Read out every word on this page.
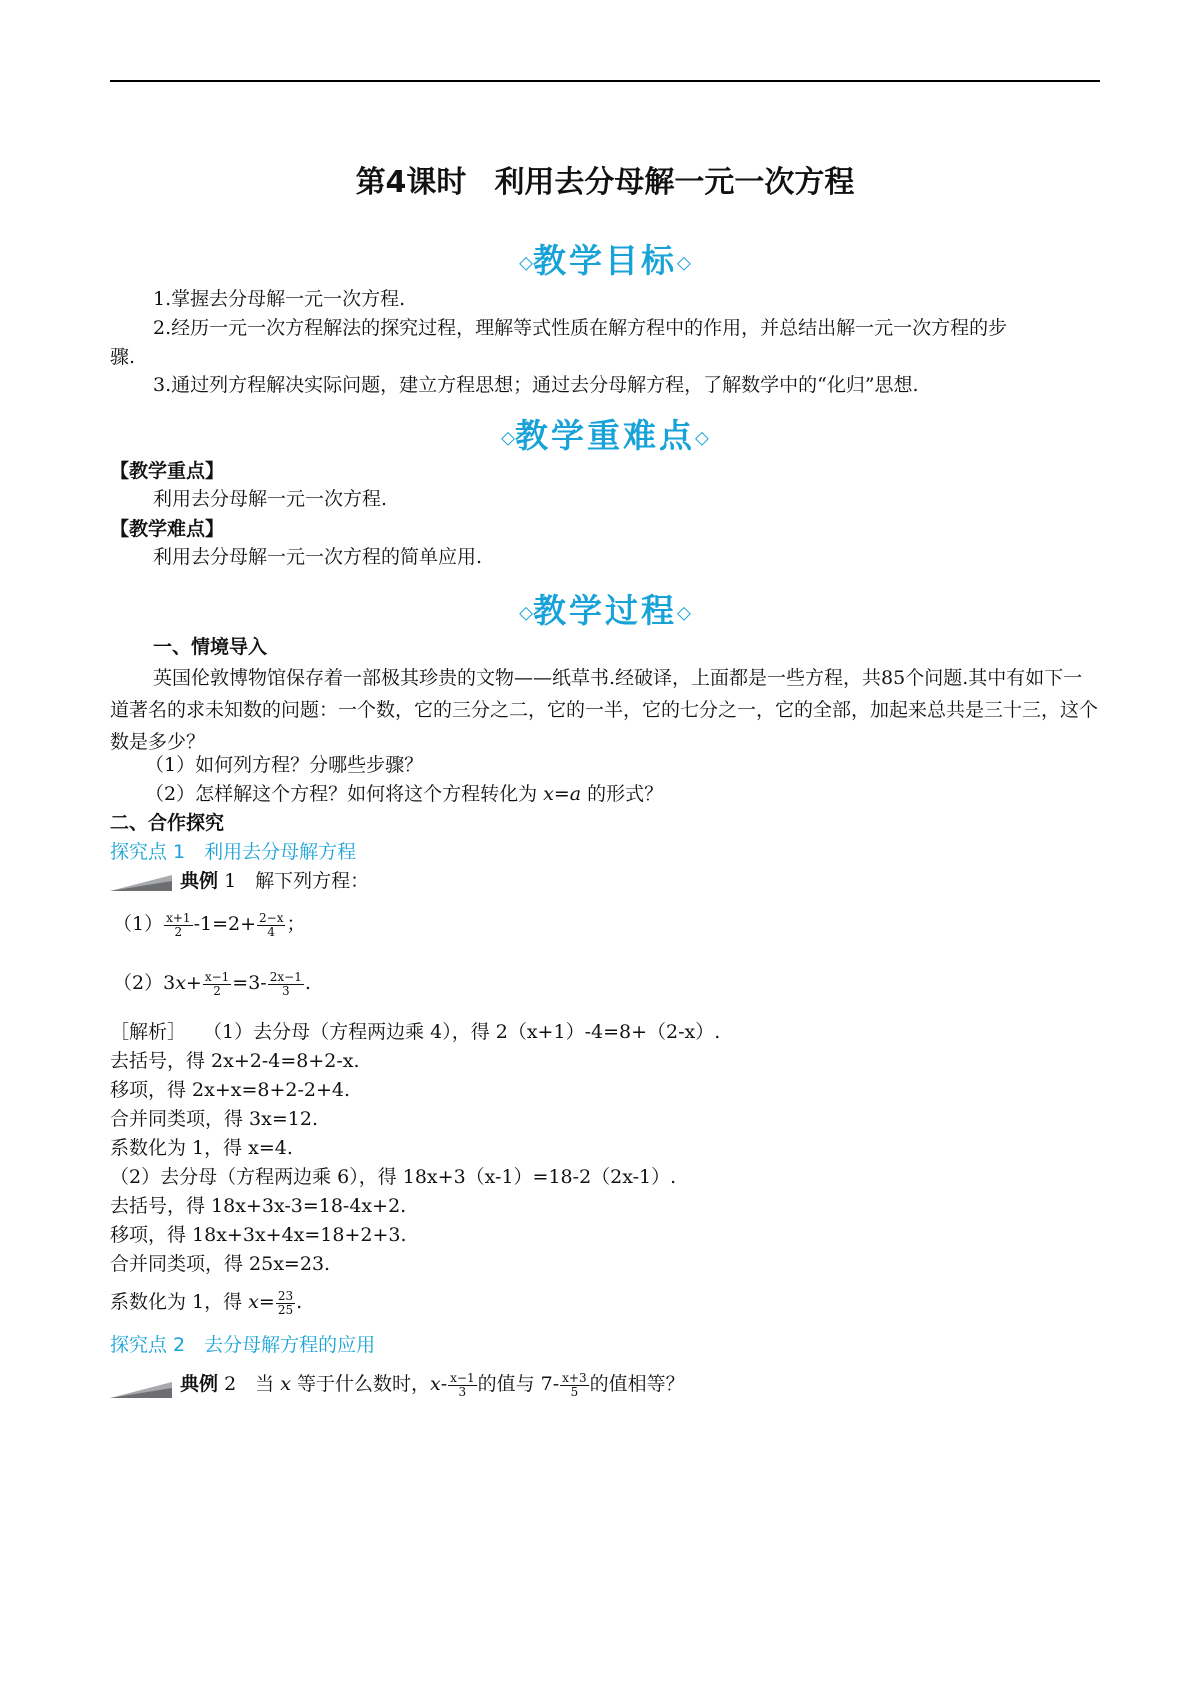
第4课时 利用去分母解一元一次方程
◇教学目标◇
1.掌握去分母解一元一次方程.
2.经历一元一次方程解法的探究过程，理解等式性质在解方程中的作用，并总结出解一元一次方程的步
骤.
3.通过列方程解决实际问题，建立方程思想；通过去分母解方程，了解数学中的“化归”思想.
◇教学重难点◇
【教学重点】
利用去分母解一元一次方程.
【教学难点】
利用去分母解一元一次方程的简单应用.
◇教学过程◇
一、情境导入
英国伦敦博物馆保存着一部极其珍贵的文物——纸草书.经破译，上面都是一些方程，共85个问题.其中有如下一道著名的求未知数的问题：一个数，它的三分之二，它的一半，它的七分之一，它的全部，加起来总共是三十三，这个数是多少？
（1）如何列方程？分哪些步骤？
（2）怎样解这个方程？如何将这个方程转化为 x=a 的形式？
二、合作探究
探究点 1　利用去分母解方程
典例 1　 解下列方程：
$(1) \frac{x+1}{2} -1=2+ \frac{2-x}{4}$ ；
$(2)3x+ \frac{x-1}{2} =3- \frac{2x-1}{3}$ .
［解析］ （1）去分母（方程两边乘 4），得 2（x+1）-4=8+（2-x）.
去括号，得 2x+2-4=8+2-x.
移项，得 2x+x=8+2-2+4.
合并同类项，得 3x=12.
系数化为 1，得 x=4.
（2）去分母（方程两边乘 6），得 18x+3（x-1）=18-2（2x-1）.
去括号，得 18x+3x-3=18-4x+2.
移项，得 18x+3x+4x=18+2+3.
合并同类项，得 25x=23.
系数化为 1，得 $x= \frac{23}{25}$ .
探究点 2　去分母解方程的应用
典例 2　 当 x 等于什么数时，$x- \frac{x-1}{3}$ 的值与 $7- \frac{x+3}{5}$ 的值相等？
